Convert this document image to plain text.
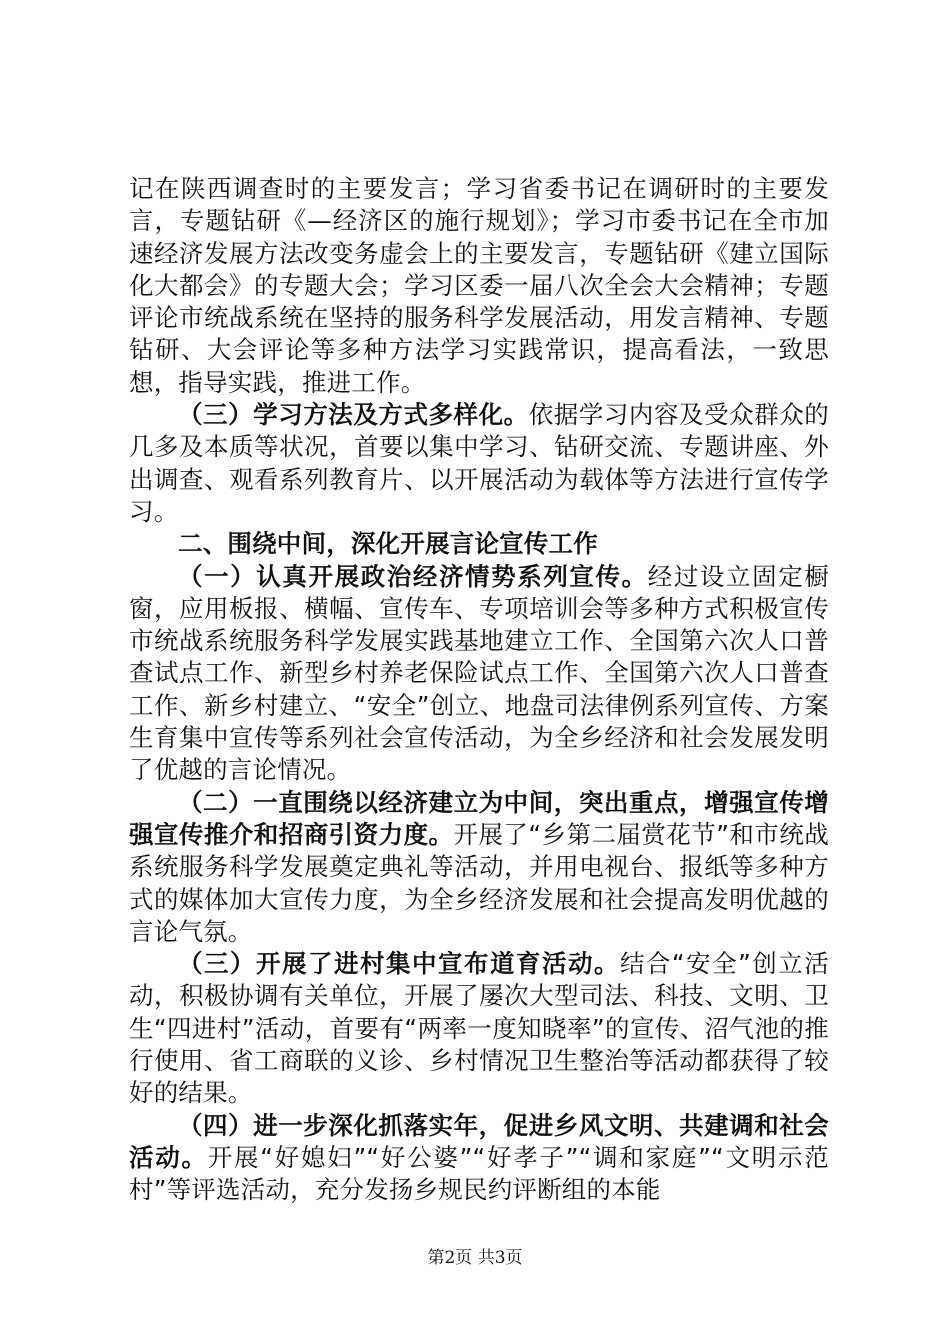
记在陕西调查时的主要发言；学习省委书记在调研时的主要发言，专题钻研《—经济区的施行规划》；学习市委书记在全市加速经济发展方法改变务虚会上的主要发言，专题钻研《建立国际化大都会》的专题大会；学习区委一届八次全会大会精神；专题评论市统战系统在坚持的服务科学发展活动，用发言精神、专题钻研、大会评论等多种方法学习实践常识，提高看法，一致思想，指导实践，推进工作。

（三）学习方法及方式多样化。依据学习内容及受众群众的几多及本质等状况，首要以集中学习、钻研交流、专题讲座、外出调查、观看系列教育片、以开展活动为载体等方法进行宣传学习。

二、围绕中间，深化开展言论宣传工作

（一）认真开展政治经济情势系列宣传。经过设立固定橱窗，应用板报、横幅、宣传车、专项培训会等多种方式积极宣传市统战系统服务科学发展实践基地建立工作、全国第六次人口普查试点工作、新型乡村养老保险试点工作、全国第六次人口普查工作、新乡村建立、“安全”创立、地盘司法律例系列宣传、方案生育集中宣传等系列社会宣传活动，为全乡经济和社会发展发明了优越的言论情况。

（二）一直围绕以经济建立为中间，突出重点，增强宣传增强宣传推介和招商引资力度。开展了“乡第二届赏花节”和市统战系统服务科学发展奠定典礼等活动，并用电视台、报纸等多种方式的媒体加大宣传力度，为全乡经济发展和社会提高发明优越的言论气氛。

（三）开展了进村集中宣布道育活动。结合“安全”创立活动，积极协调有关单位，开展了屡次大型司法、科技、文明、卫生“四进村”活动，首要有“两率一度知晓率”的宣传、沼气池的推行使用、省工商联的义诊、乡村情况卫生整治等活动都获得了较好的结果。

（四）进一步深化抓落实年，促进乡风文明、共建调和社会活动。开展“好媳妇”“好公婆”“好孝子”“调和家庭”“文明示范村”等评选活动，充分发扬乡规民约评断组的本能

第2页 共3页
